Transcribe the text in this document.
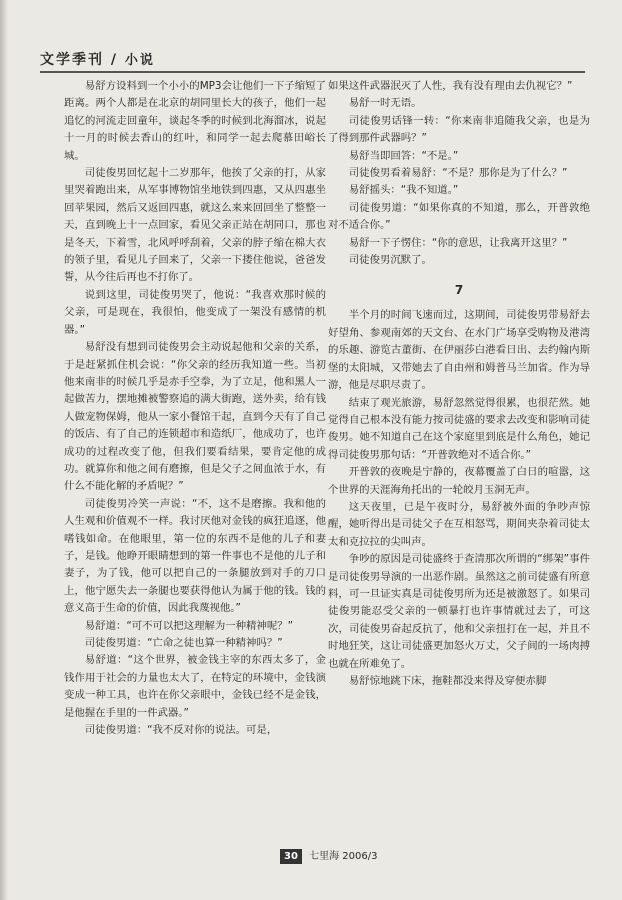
文学季刊 / 小说

易舒方设料到一个小小的MP3会让他们一下子缩短了距离。两个人都是在北京的胡同里长大的孩子，他们一起追忆的河流走回童年，谈起冬季的时候到北海溜冰，说起十一月的时候去香山的红叶，和同学一起去爬慕田峪长城。

司徒俊男回忆起十二岁那年，他挨了父亲的打，从家里哭着跑出来，从军事博物馆坐地铁到四惠，又从四惠坐回苹果园，然后又返回四惠，就这么来来回回坐了整整一天，直到晚上十一点回家，看见父亲正站在胡同口，那也是冬天，下着雪，北风呼呼刮着，父亲的脖子缩在棉大衣的领子里，看见儿子回来了，父亲一下搂住他说，爸爸发誓，从今往后再也不打你了。

说到这里，司徒俊男哭了，他说：“我喜欢那时候的父亲，可是现在，我很怕，他变成了一架没有感情的机器。”

易舒没有想到司徒俊男会主动说起他和父亲的关系，于是赶紧抓住机会说：“你父亲的经历我知道一些。当初他来南非的时候几乎是赤手空拳，为了立足，他和黑人一起做苦力，摆地摊被警察追的满大街跑，送外卖，给有钱人做宠物保姆，他从一家小餐馆干起，直到今天有了自己的饭店、有了自己的连锁超市和造纸厂，他成功了，也许成功的过程改变了他，但我们要看结果，要肯定他的成功。就算你和他之间有磨擦，但是父子之间血浓于水，有什么不能化解的矛盾呢？”

司徒俊男冷笑一声说：“不，这不是磨擦。我和他的人生观和价值观不一样。我讨厌他对金钱的疯狂追逐，他嗜钱如命。在他眼里，第一位的东西不是他的儿子和妻子，是钱。他睁开眼睛想到的第一件事也不是他的儿子和妻子，为了钱，他可以把自己的一条腿放到对手的刀口上，他宁愿失去一条腿也要获得他认为属于他的钱。钱的意义高于生命的价值，因此我蔑视他。”

易舒道：“可不可以把这理解为一种精神呢？”

司徒俊男道：“亡命之徒也算一种精神吗？”

易舒道：“这个世界，被金钱主宰的东西太多了，金钱作用于社会的力量也太大了，在特定的环境中，金钱演变成一种工具，也许在你父亲眼中，金钱已经不是金钱，是他握在手里的一件武器。”

司徒俊男道：“我不反对你的说法。可是，

如果这件武器泯灭了人性，我有没有理由去仇视它？”

易舒一时无语。

司徒俊男话锋一转：“你来南非追随我父亲，也是为了得到那件武器吗？”

易舒当即回答：“不是。”

司徒俊男看着易舒：“不是？那你是为了什么？”

易舒摇头：“我不知道。”

司徒俊男道：“如果你真的不知道，那么，开普敦绝对不适合你。”

易舒一下子愣住：“你的意思，让我离开这里？”

司徒俊男沉默了。

7

半个月的时间飞速而过，这期间，司徒俊男带易舒去好望角、参观南郊的天文台、在水门广场享受购物及港湾的乐趣、游览古董街、在伊丽莎白港看日出、去约翰内斯堡的太阳城，又带她去了自由州和姆普马兰加省。作为导游，他是尽职尽责了。

结束了观光旅游，易舒忽然觉得很累，也很茫然。她觉得自己根本没有能力按司徒盛的要求去改变和影响司徒俊男。她不知道自己在这个家庭里到底是什么角色，她记得司徒俊男那句话：“开普敦绝对不适合你。”

开普敦的夜晚是宁静的，夜幕覆盖了白日的喧嚣，这个世界的天涯海角托出的一轮皎月玉洞无声。

这天夜里，已是午夜时分，易舒被外面的争吵声惊醒，她听得出是司徒父子在互相怒骂，期间夹杂着司徒太太和克拉拉的尖叫声。

争吵的原因是司徒盛终于查清那次所谓的“绑架”事件是司徒俊男导演的一出恶作剧。虽然这之前司徒盛有所意料，可一旦证实真是司徒俊男所为还是被激怒了。如果司徒俊男能忍受父亲的一顿暴打也许事情就过去了，可这次，司徒俊男奋起反抗了，他和父亲扭打在一起，并且不时地狂笑，这让司徒盛更加怒火万丈，父子间的一场肉搏也就在所难免了。

易舒惊地跳下床，拖鞋都没来得及穿便赤脚

30 七里海 2006/3
